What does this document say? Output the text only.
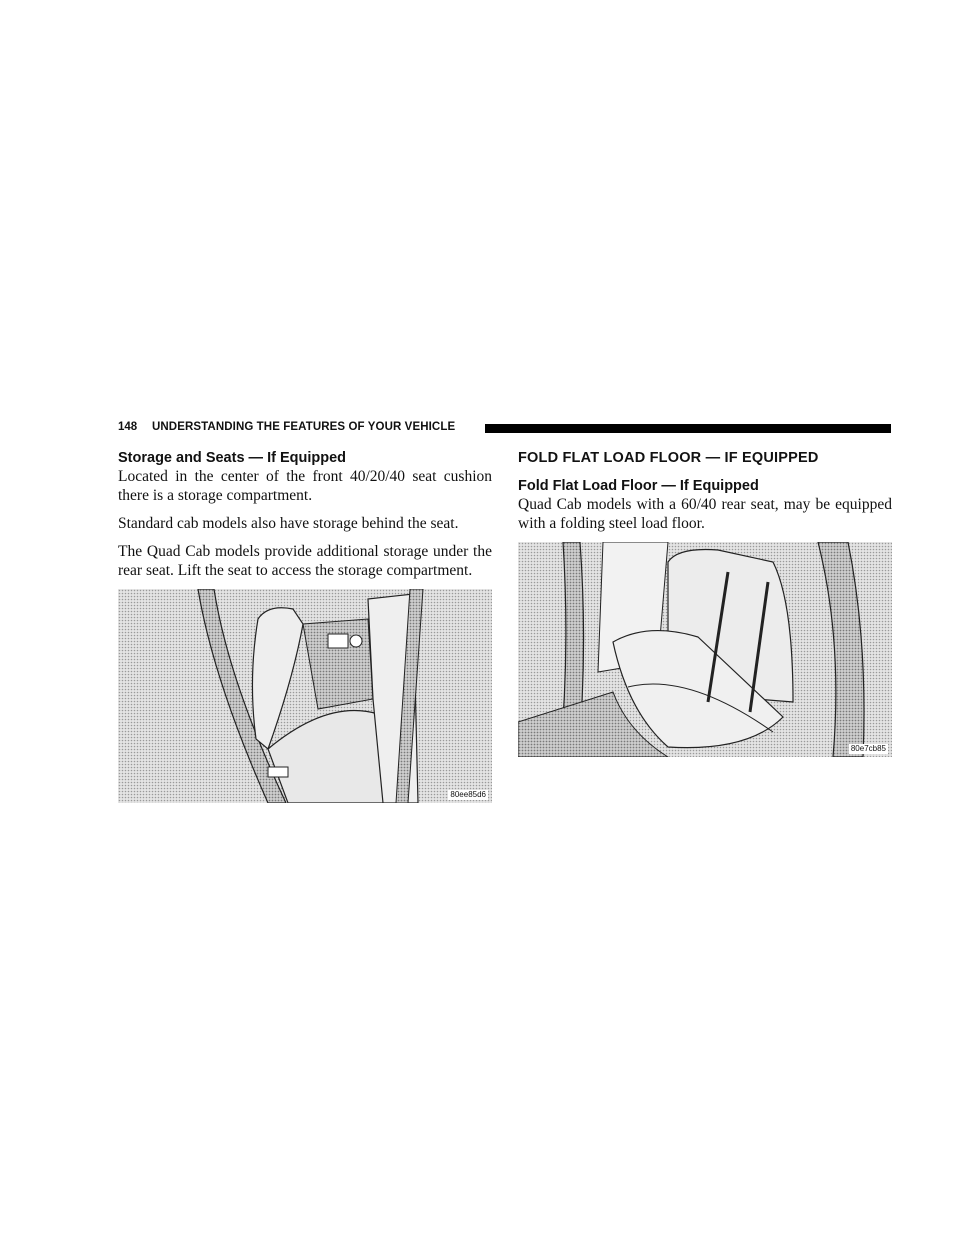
148 UNDERSTANDING THE FEATURES OF YOUR VEHICLE
Storage and Seats — If Equipped

Located in the center of the front 40/20/40 seat cushion there is a storage compartment.

Standard cab models also have storage behind the seat.

The Quad Cab models provide additional storage under the rear seat. Lift the seat to access the storage compartment.

80ee85d6
FOLD FLAT LOAD FLOOR — IF EQUIPPED
Fold Flat Load Floor — If Equipped

Quad Cab models with a 60/40 rear seat, may be equipped with a folding steel load floor.

80e7cb85
